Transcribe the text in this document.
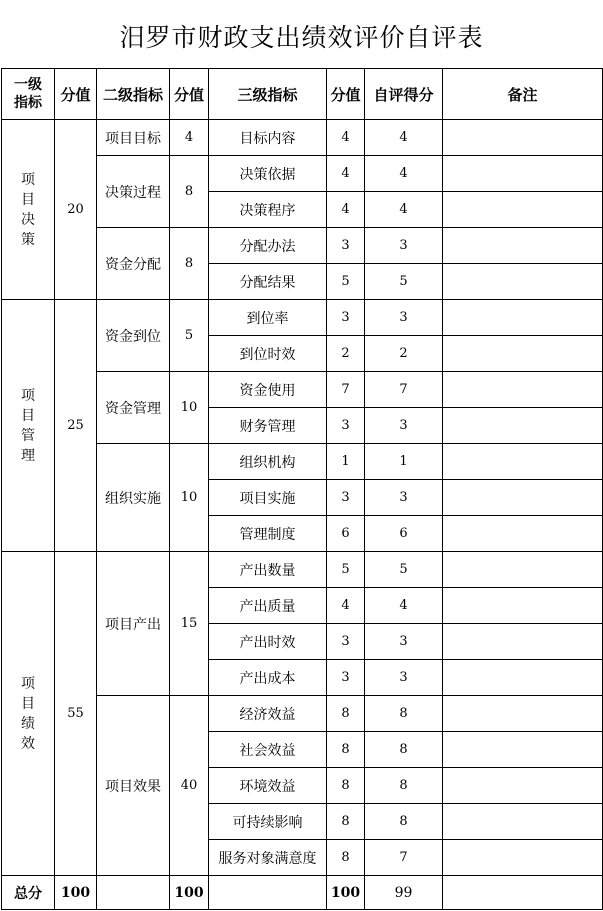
汨罗市财政支出绩效评价自评表
一级指标	分值	二级指标	分值	三级指标	分值	自评得分	备注

项目决策	20	项目目标	4	目标内容	4	4	
		决策过程	8	决策依据	4	4	
				决策程序	4	4	
		资金分配	8	分配办法	3	3	
				分配结果	5	5	

项目管理	25	资金到位	5	到位率	3	3	
				到位时效	2	2	
		资金管理	10	资金使用	7	7	
				财务管理	3	3	
		组织实施	10	组织机构	1	1	
				项目实施	3	3	
				管理制度	6	6	

项目绩效	55	项目产出	15	产出数量	5	5	
				产出质量	4	4	
				产出时效	3	3	
				产出成本	3	3	
		项目效果	40	经济效益	8	8	
				社会效益	8	8	
				环境效益	8	8	
				可持续影响	8	8	
				服务对象满意度	8	7	
总分	100		100		100	99	
